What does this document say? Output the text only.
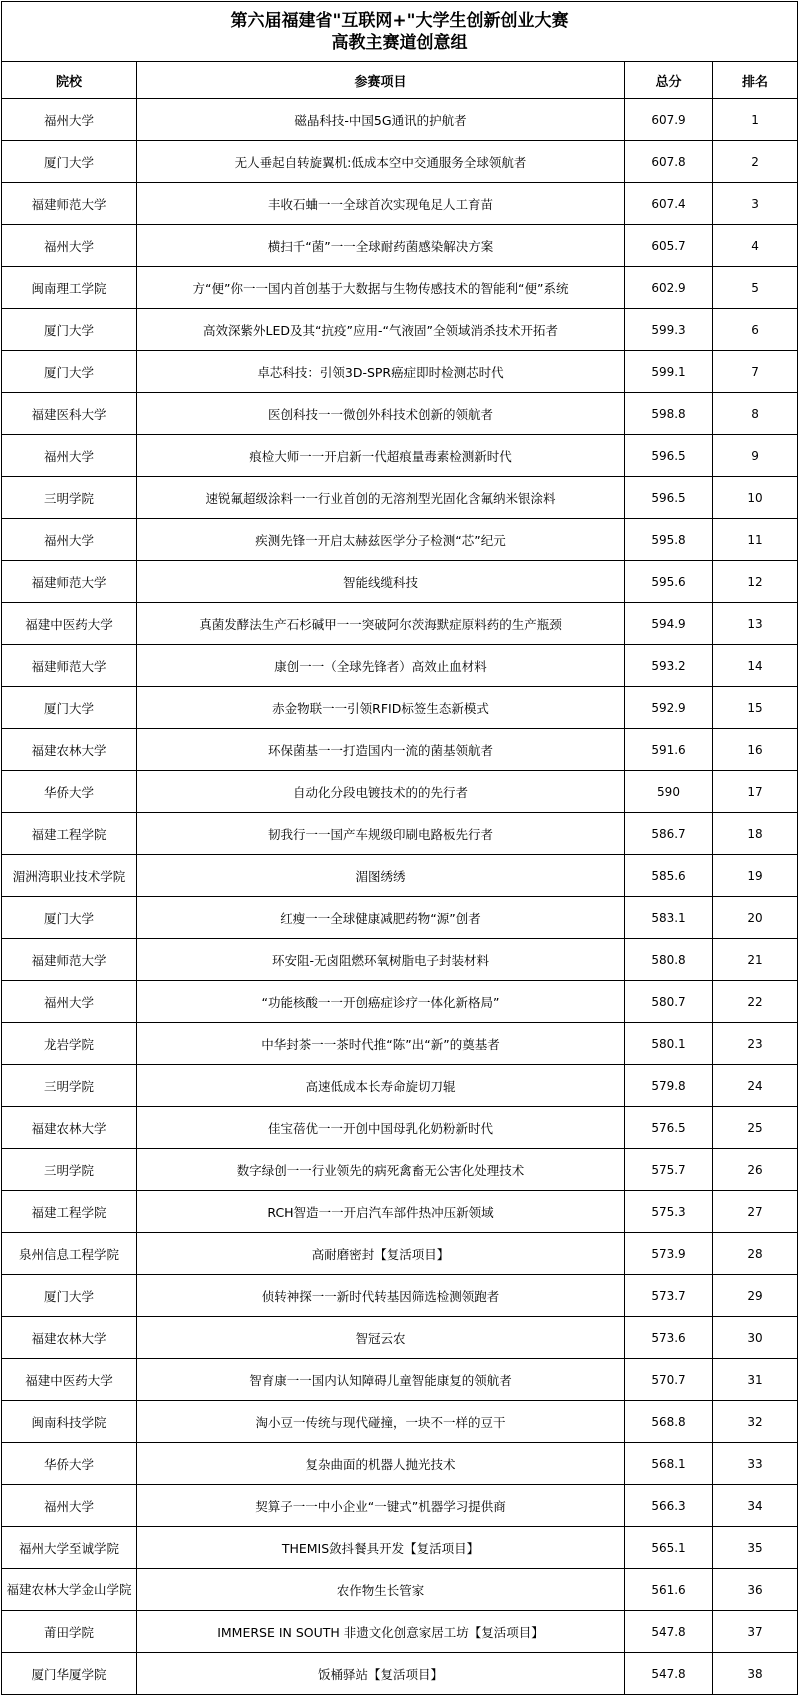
第六届福建省"互联网+"大学生创新创业大赛
高教主赛道创意组			

院校	参赛项目	总分	排名
福州大学	磁晶科技-中国5G通讯的护航者	607.9	1
厦门大学	无人垂起自转旋翼机:低成本空中交通服务全球领航者	607.8	2
福建师范大学	丰收石蛐一一全球首次实现龟足人工育苗	607.4	3
福州大学	横扫千“菌”一一全球耐药菌感染解决方案	605.7	4
闽南理工学院	方“便”你一一国内首创基于大数据与生物传感技术的智能利“便”系统	602.9	5
厦门大学	高效深紫外LED及其“抗疫”应用-“气液固”全领域消杀技术开拓者	599.3	6
厦门大学	卓芯科技：引领3D-SPR癌症即时检测芯时代	599.1	7
福建医科大学	医创科技一一微创外科技术创新的领航者	598.8	8
福州大学	痕检大师一一开启新一代超痕量毒素检测新时代	596.5	9
三明学院	速锐氟超级涂料一一行业首创的无溶剂型光固化含氟纳米银涂料	596.5	10
福州大学	疾测先锋一开启太赫兹医学分子检测“芯”纪元	595.8	11
福建师范大学	智能线缆科技	595.6	12
福建中医药大学	真菌发酵法生产石杉碱甲一一突破阿尔茨海默症原料药的生产瓶颈	594.9	13
福建师范大学	康创一一（全球先锋者）高效止血材料	593.2	14
厦门大学	赤金物联一一引领RFID标签生态新模式	592.9	15
福建农林大学	环保菌基一一打造国内一流的菌基领航者	591.6	16
华侨大学	自动化分段电镀技术的的先行者	590	17
福建工程学院	韧我行一一国产车规级印刷电路板先行者	586.7	18
湄洲湾职业技术学院	湄图绣绣	585.6	19
厦门大学	红瘦一一全球健康减肥药物“源”创者	583.1	20
福建师范大学	环安阻-无卤阻燃环氧树脂电子封装材料	580.8	21
福州大学	“功能核酸一一开创癌症诊疗一体化新格局”	580.7	22
龙岩学院	中华封茶一一茶时代推“陈”出“新”的奠基者	580.1	23
三明学院	高速低成本长寿命旋切刀辊	579.8	24
福建农林大学	佳宝蓓优一一开创中国母乳化奶粉新时代	576.5	25
三明学院	数字绿创一一行业领先的病死禽畜无公害化处理技术	575.7	26
福建工程学院	RCH智造一一开启汽车部件热冲压新领域	575.3	27
泉州信息工程学院	高耐磨密封【复活项目】	573.9	28
厦门大学	侦转神探一一新时代转基因筛选检测领跑者	573.7	29
福建农林大学	智冠云农	573.6	30
福建中医药大学	智育康一一国内认知障碍儿童智能康复的领航者	570.7	31
闽南科技学院	淘小豆一传统与现代碰撞，一块不一样的豆干	568.8	32
华侨大学	复杂曲面的机器人抛光技术	568.1	33
福州大学	契算子一一中小企业“一键式”机器学习提供商	566.3	34
福州大学至诚学院	THEMIS敛抖餐具开发【复活项目】	565.1	35
福建农林大学金山学院	农作物生长管家	561.6	36
莆田学院	IMMERSE IN SOUTH 非遗文化创意家居工坊【复活项目】	547.8	37
厦门华厦学院	饭桶驿站【复活项目】	547.8	38
